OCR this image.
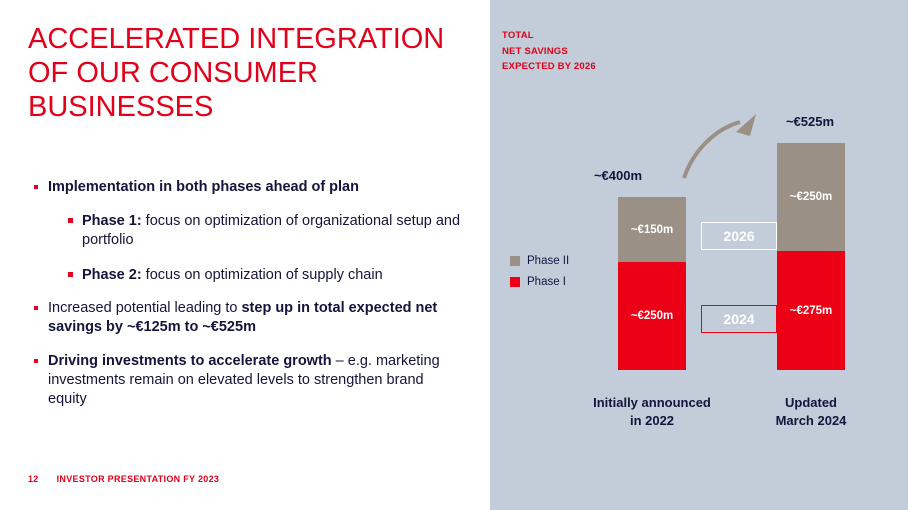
ACCELERATED INTEGRATION OF OUR CONSUMER BUSINESSES
Implementation in both phases ahead of plan
Phase 1: focus on optimization of organizational setup and portfolio
Phase 2: focus on optimization of supply chain
Increased potential leading to step up in total expected net savings by ~€125m to ~€525m
Driving investments to accelerate growth – e.g. marketing investments remain on elevated levels to strengthen brand equity
12 INVESTOR PRESENTATION FY 2023
TOTAL
NET SAVINGS
EXPECTED BY 2026
Phase II
Phase I
~€400m
~€150m
~€250m
Initially announced
in 2022
2026
2024
~€525m
~€250m
~€275m
Updated
March 2024
